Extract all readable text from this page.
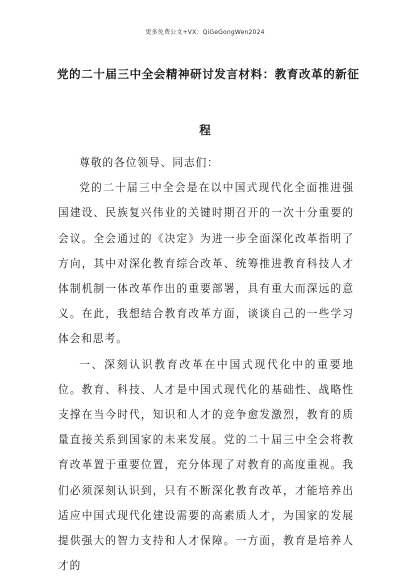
更多免费公文+VX：QiGeGongWen2024
党的二十届三中全会精神研讨发言材料：教育改革的新征
程

尊敬的各位领导、同志们：

党的二十届三中全会是在以中国式现代化全面推进强国建设、民族复兴伟业的关键时期召开的一次十分重要的会议。全会通过的《决定》为进一步全面深化改革指明了方向，其中对深化教育综合改革、统筹推进教育科技人才体制机制一体改革作出的重要部署，具有重大而深远的意义。在此，我想结合教育改革方面，谈谈自己的一些学习体会和思考。

一、深刻认识教育改革在中国式现代化中的重要地位。教育、科技、人才是中国式现代化的基础性、战略性支撑在当今时代，知识和人才的竞争愈发激烈，教育的质量直接关系到国家的未来发展。党的二十届三中全会将教育改革置于重要位置，充分体现了对教育的高度重视。我们必须深刻认识到，只有不断深化教育改革，才能培养出适应中国式现代化建设需要的高素质人才，为国家的发展提供强大的智力支持和人才保障。一方面，教育是培养人才的
